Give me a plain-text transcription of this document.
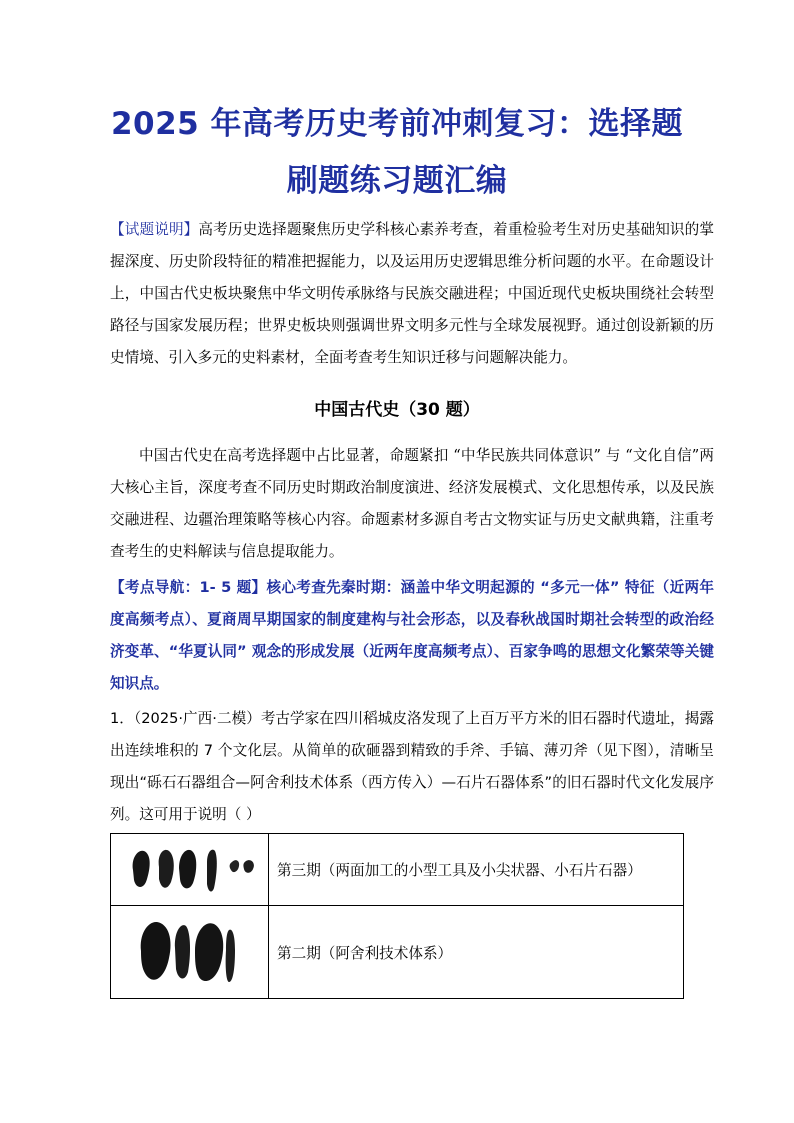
2025 年高考历史考前冲刺复习：选择题
刷题练习题汇编
【试题说明】高考历史选择题聚焦历史学科核心素养考查，着重检验考生对历史基础知识的掌握深度、历史阶段特征的精准把握能力，以及运用历史逻辑思维分析问题的水平。在命题设计上，中国古代史板块聚焦中华文明传承脉络与民族交融进程；中国近现代史板块围绕社会转型路径与国家发展历程；世界史板块则强调世界文明多元性与全球发展视野。通过创设新颖的历史情境、引入多元的史料素材，全面考查考生知识迁移与问题解决能力。
中国古代史（30 题）
中国古代史在高考选择题中占比显著，命题紧扣 “中华民族共同体意识” 与 “文化自信”两大核心主旨，深度考查不同历史时期政治制度演进、经济发展模式、文化思想传承，以及民族交融进程、边疆治理策略等核心内容。命题素材多源自考古文物实证与历史文献典籍，注重考查考生的史料解读与信息提取能力。
【考点导航：1- 5 题】核心考查先秦时期：涵盖中华文明起源的 “多元一体” 特征（近两年度高频考点）、夏商周早期国家的制度建构与社会形态，以及春秋战国时期社会转型的政治经济变革、“华夏认同” 观念的形成发展（近两年度高频考点）、百家争鸣的思想文化繁荣等关键知识点。
1．（2025·广西·二模）考古学家在四川稻城皮洛发现了上百万平方米的旧石器时代遗址，揭露出连续堆积的 7 个文化层。从简单的砍砸器到精致的手斧、手镐、薄刃斧（见下图），清晰呈现出“砾石石器组合—阿舍利技术体系（西方传入）—石片石器体系”的旧石器时代文化发展序列。这可用于说明（ ）
	第三期（两面加工的小型工具及小尖状器、小石片石器）

	第二期（阿舍利技术体系）
